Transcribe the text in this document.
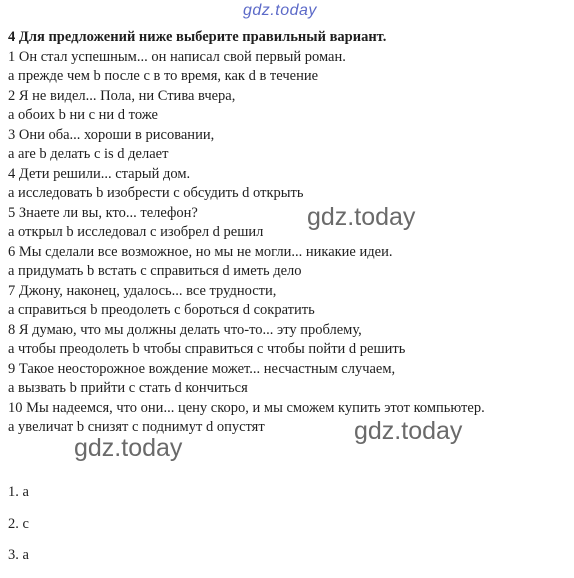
gdz.today
4 Для предложений ниже выберите правильный вариант.
1 Он стал успешным... он написал свой первый роман.
a прежде чем b после c в то время, как d в течение
2 Я не видел... Пола, ни Стива вчера,
a обоих b ни c ни d тоже
3 Они оба... хороши в рисовании,
a are b делать c is d делает
4 Дети решили... старый дом.
a исследовать b изобрести c обсудить d открыть
5 Знаете ли вы, кто... телефон?
a открыл b исследовал c изобрел d решил
6 Мы сделали все возможное, но мы не могли... никакие идеи.
a придумать b встать c справиться d иметь дело
7 Джону, наконец, удалось... все трудности,
a справиться b преодолеть c бороться d сократить
8 Я думаю, что мы должны делать что-то... эту проблему,
a чтобы преодолеть b чтобы справиться c чтобы пойти d решить
9 Такое неосторожное вождение может... несчастным случаем,
a вызвать b прийти c стать d кончиться
10 Мы надеемся, что они... цену скоро, и мы сможем купить этот компьютер.
a увеличат b снизят c поднимут d опустят
gdz.today
gdz.today
gdz.today
1. a
2. c
3. a
